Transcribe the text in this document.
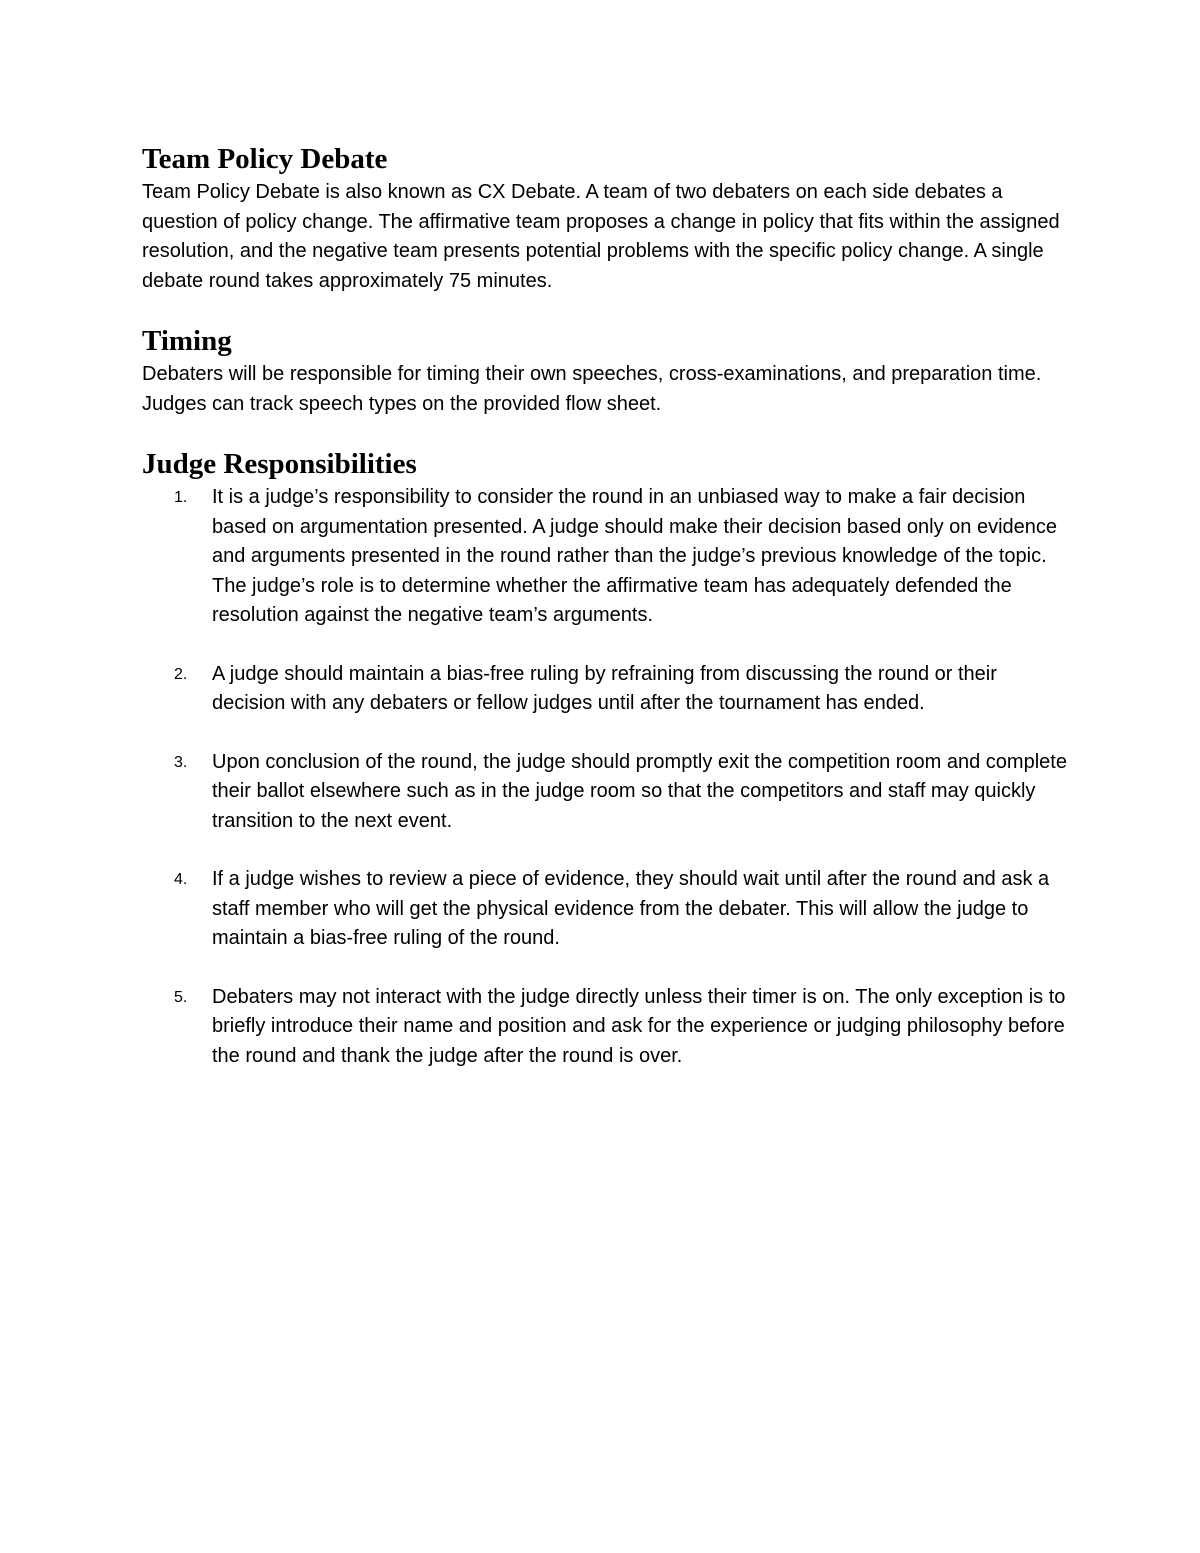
Team Policy Debate

Team Policy Debate is also known as CX Debate. A team of two debaters on each side debates a question of policy change. The affirmative team proposes a change in policy that fits within the assigned resolution, and the negative team presents potential problems with the specific policy change. A single debate round takes approximately 75 minutes.

Timing

Debaters will be responsible for timing their own speeches, cross-examinations, and preparation time. Judges can track speech types on the provided flow sheet.

Judge Responsibilities
1. It is a judge’s responsibility to consider the round in an unbiased way to make a fair decision based on argumentation presented. A judge should make their decision based only on evidence and arguments presented in the round rather than the judge’s previous knowledge of the topic. The judge’s role is to determine whether the affirmative team has adequately defended the resolution against the negative team’s arguments.

2. A judge should maintain a bias-free ruling by refraining from discussing the round or their decision with any debaters or fellow judges until after the tournament has ended.

3. Upon conclusion of the round, the judge should promptly exit the competition room and complete their ballot elsewhere such as in the judge room so that the competitors and staff may quickly transition to the next event.

4. If a judge wishes to review a piece of evidence, they should wait until after the round and ask a staff member who will get the physical evidence from the debater. This will allow the judge to maintain a bias-free ruling of the round.

5. Debaters may not interact with the judge directly unless their timer is on. The only exception is to briefly introduce their name and position and ask for the experience or judging philosophy before the round and thank the judge after the round is over.
